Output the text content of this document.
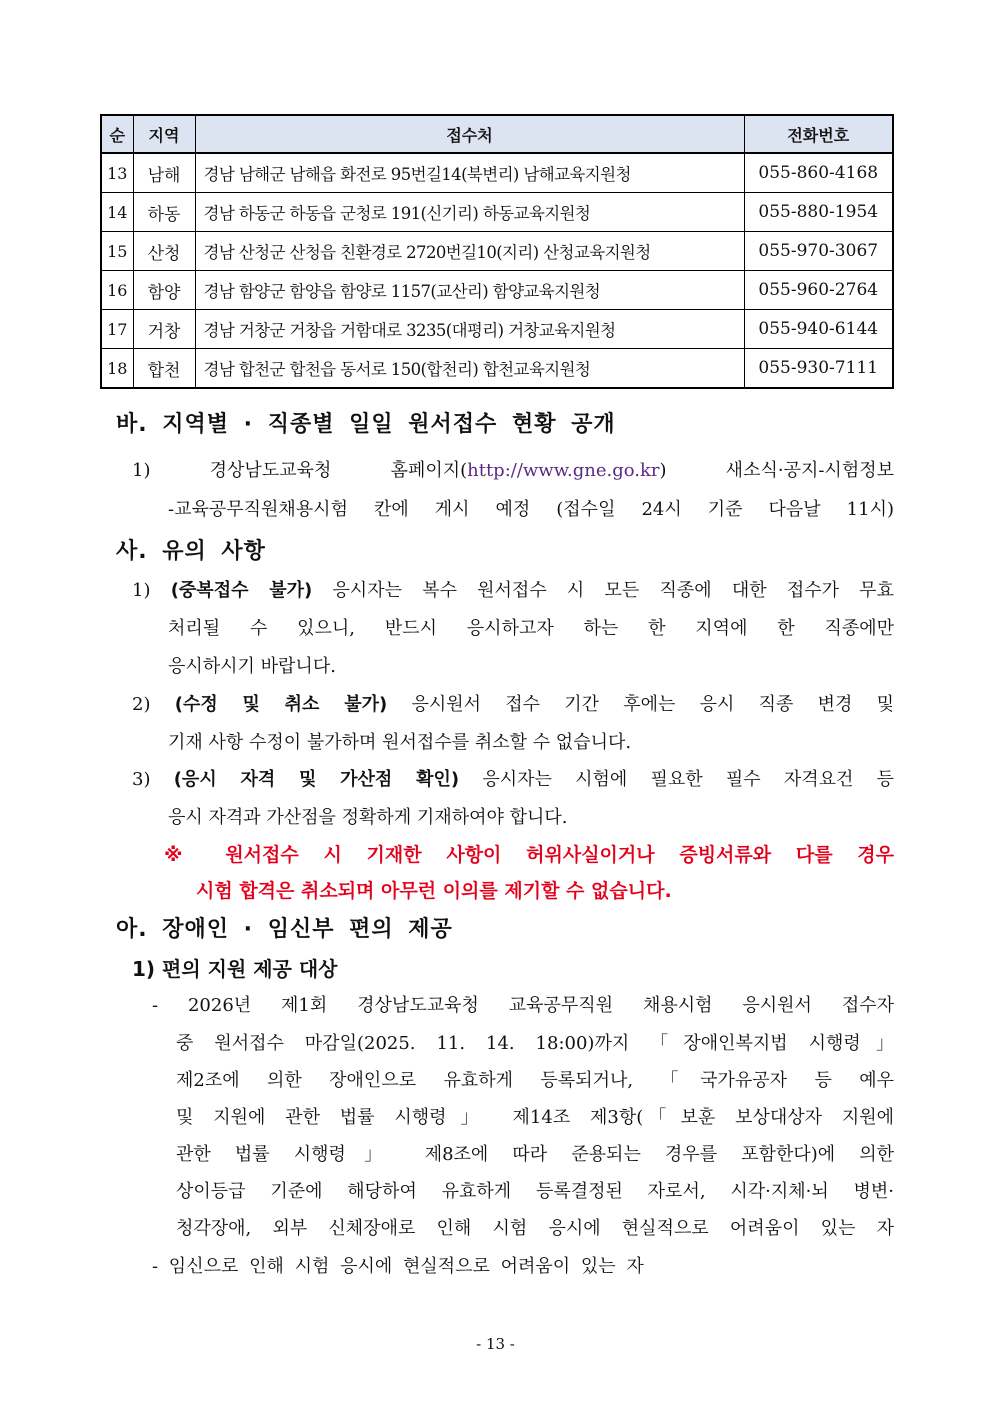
순	지역	접수처	전화번호
13	남해	경남 남해군 남해읍 화전로 95번길14(북변리) 남해교육지원청	055-860-4168
14	하동	경남 하동군 하동읍 군청로 191(신기리) 하동교육지원청	055-880-1954
15	산청	경남 산청군 산청읍 친환경로 2720번길10(지리) 산청교육지원청	055-970-3067
16	함양	경남 함양군 함양읍 함양로 1157(교산리) 함양교육지원청	055-960-2764
17	거창	경남 거창군 거창읍 거함대로 3235(대평리) 거창교육지원청	055-940-6144
18	합천	경남 합천군 합천읍 동서로 150(합천리) 합천교육지원청	055-930-7111
바. 지역별 · 직종별 일일 원서접수 현황 공개
1) 경상남도교육청 홈페이지(http://www.gne.go.kr) 새소식·공지-시험정보
-교육공무직원채용시험 칸에 게시 예정 (접수일 24시 기준 다음날 11시)
사. 유의 사항
1) (중복접수 불가) 응시자는 복수 원서접수 시 모든 직종에 대한 접수가 무효
처리될 수 있으니, 반드시 응시하고자 하는 한 지역에 한 직종에만
응시하시기 바랍니다.
2) (수정 및 취소 불가) 응시원서 접수 기간 후에는 응시 직종 변경 및
기재 사항 수정이 불가하며 원서접수를 취소할 수 없습니다.
3) (응시 자격 및 가산점 확인) 응시자는 시험에 필요한 필수 자격요건 등
응시 자격과 가산점을 정확하게 기재하여야 합니다.
※ 원서접수 시 기재한 사항이 허위사실이거나 증빙서류와 다를 경우
시험 합격은 취소되며 아무런 이의를 제기할 수 없습니다.
아. 장애인 · 임신부 편의 제공
1) 편의 지원 제공 대상
- 2026년 제1회 경상남도교육청 교육공무직원 채용시험 응시원서 접수자
중 원서접수 마감일(2025. 11. 14. 18:00)까지 「장애인복지법 시행령」
제2조에 의한 장애인으로 유효하게 등록되거나, 「국가유공자 등 예우
및 지원에 관한 법률 시행령」 제14조 제3항(「보훈 보상대상자 지원에
관한 법률 시행령」 제8조에 따라 준용되는 경우를 포함한다)에 의한
상이등급 기준에 해당하여 유효하게 등록결정된 자로서, 시각·지체·뇌 병변·
청각장애, 외부 신체장애로 인해 시험 응시에 현실적으로 어려움이 있는 자
- 임신으로 인해 시험 응시에 현실적으로 어려움이 있는 자
- 13 -
